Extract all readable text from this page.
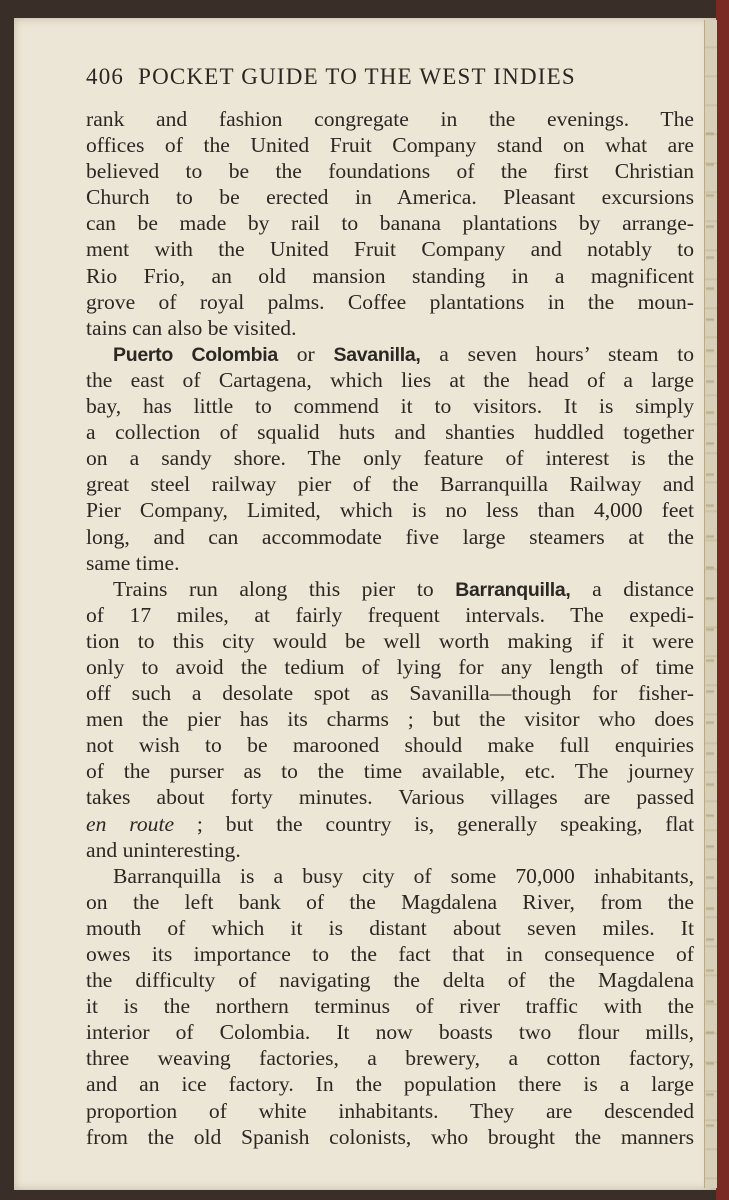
406 POCKET GUIDE TO THE WEST INDIES
rank and fashion congregate in the evenings. The
offices of the United Fruit Company stand on what are
believed to be the foundations of the first Christian
Church to be erected in America. Pleasant excursions
can be made by rail to banana plantations by arrange-
ment with the United Fruit Company and notably to
Rio Frio, an old mansion standing in a magnificent
grove of royal palms. Coffee plantations in the moun-
tains can also be visited.
Puerto Colombia or Savanilla, a seven hours’ steam to
the east of Cartagena, which lies at the head of a large
bay, has little to commend it to visitors. It is simply
a collection of squalid huts and shanties huddled together
on a sandy shore. The only feature of interest is the
great steel railway pier of the Barranquilla Railway and
Pier Company, Limited, which is no less than 4,000 feet
long, and can accommodate five large steamers at the
same time.
Trains run along this pier to Barranquilla, a distance
of 17 miles, at fairly frequent intervals. The expedi-
tion to this city would be well worth making if it were
only to avoid the tedium of lying for any length of time
off such a desolate spot as Savanilla—though for fisher-
men the pier has its charms ; but the visitor who does
not wish to be marooned should make full enquiries
of the purser as to the time available, etc. The journey
takes about forty minutes. Various villages are passed
en route ; but the country is, generally speaking, flat
and uninteresting.
Barranquilla is a busy city of some 70,000 inhabitants,
on the left bank of the Magdalena River, from the
mouth of which it is distant about seven miles. It
owes its importance to the fact that in consequence of
the difficulty of navigating the delta of the Magdalena
it is the northern terminus of river traffic with the
interior of Colombia. It now boasts two flour mills,
three weaving factories, a brewery, a cotton factory,
and an ice factory. In the population there is a large
proportion of white inhabitants. They are descended
from the old Spanish colonists, who brought the manners
